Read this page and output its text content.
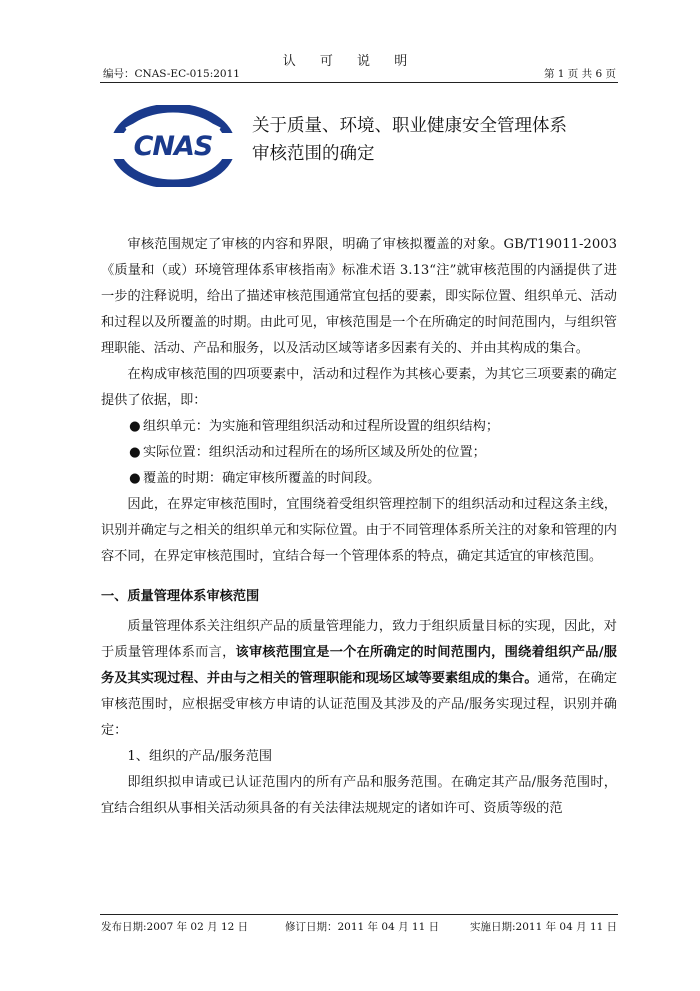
认 可 说 明
编号：CNAS-EC-015:2011	第 1 页 共 6 页
CNAS
关于质量、环境、职业健康安全管理体系
审核范围的确定

审核范围规定了审核的内容和界限，明确了审核拟覆盖的对象。GB/T19011-2003《质量和（或）环境管理体系审核指南》标准术语 3.13“注”就审核范围的内涵提供了进一步的注释说明，给出了描述审核范围通常宜包括的要素，即实际位置、组织单元、活动和过程以及所覆盖的时期。由此可见，审核范围是一个在所确定的时间范围内，与组织管理职能、活动、产品和服务，以及活动区域等诸多因素有关的、并由其构成的集合。

在构成审核范围的四项要素中，活动和过程作为其核心要素，为其它三项要素的确定提供了依据，即：

● 组织单元：为实施和管理组织活动和过程所设置的组织结构；
● 实际位置：组织活动和过程所在的场所区域及所处的位置；
● 覆盖的时期：确定审核所覆盖的时间段。

因此，在界定审核范围时，宜围绕着受组织管理控制下的组织活动和过程这条主线，识别并确定与之相关的组织单元和实际位置。由于不同管理体系所关注的对象和管理的内容不同，在界定审核范围时，宜结合每一个管理体系的特点，确定其适宜的审核范围。

一、质量管理体系审核范围

质量管理体系关注组织产品的质量管理能力，致力于组织质量目标的实现，因此，对于质量管理体系而言，该审核范围宜是一个在所确定的时间范围内，围绕着组织产品/服务及其实现过程、并由与之相关的管理职能和现场区域等要素组成的集合。通常，在确定审核范围时，应根据受审核方申请的认证范围及其涉及的产品/服务实现过程，识别并确定：

1、组织的产品/服务范围

即组织拟申请或已认证范围内的所有产品和服务范围。在确定其产品/服务范围时，宜结合组织从事相关活动须具备的有关法律法规规定的诸如许可、资质等级的范

发布日期:2007 年 02 月 12 日	修订日期：2011 年 04 月 11 日	实施日期:2011 年 04 月 11 日
